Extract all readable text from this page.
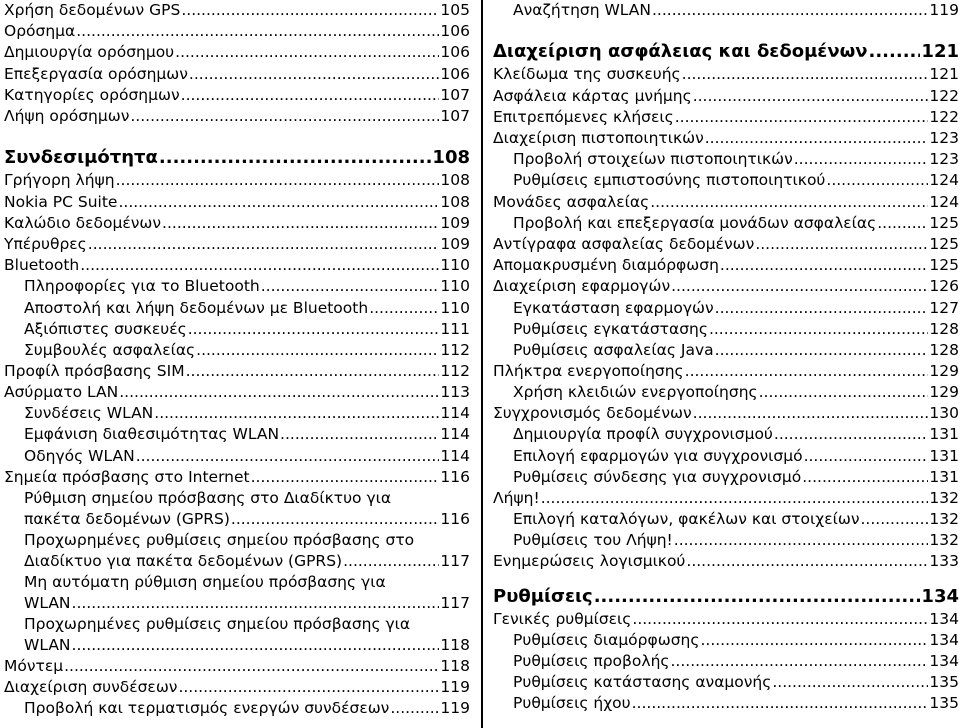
Χρήση δεδομένων GPS .....	105
Ορόσημα .....	106
Δημιουργία ορόσημου .....	106
Επεξεργασία ορόσημων .....	106
Κατηγορίες ορόσημων .....	107
Λήψη ορόσημων .....	107
Συνδεσιμότητα .....	108
Γρήγορη λήψη .....	108
Nokia PC Suite .....	108
Καλώδιο δεδομένων .....	109
Υπέρυθρες .....	109
Bluetooth .....	110
Πληροφορίες για το Bluetooth .....	110
Αποστολή και λήψη δεδομένων με Bluetooth .....	110
Αξιόπιστες συσκευές .....	111
Συμβουλές ασφαλείας .....	112
Προφίλ πρόσβασης SIM .....	112
Ασύρματο LAN .....	113
Συνδέσεις WLAN .....	114
Εμφάνιση διαθεσιμότητας WLAN .....	114
Οδηγός WLAN .....	114
Σημεία πρόσβασης στο Internet .....	116
Ρύθμιση σημείου πρόσβασης στο Διαδίκτυο για
πακέτα δεδομένων (GPRS) .....	116
Προχωρημένες ρυθμίσεις σημείου πρόσβασης στο
Διαδίκτυο για πακέτα δεδομένων (GPRS) .....	117
Μη αυτόματη ρύθμιση σημείου πρόσβασης για
WLAN .....	117
Προχωρημένες ρυθμίσεις σημείου πρόσβασης για
WLAN .....	118
Μόντεμ .....	118
Διαχείριση συνδέσεων .....	119
Προβολή και τερματισμός ενεργών συνδέσεων .....	119
Αναζήτηση WLAN .....	119
Διαχείριση ασφάλειας και δεδομένων .....	121
Κλείδωμα της συσκευής .....	121
Ασφάλεια κάρτας μνήμης .....	122
Επιτρεπόμενες κλήσεις .....	122
Διαχείριση πιστοποιητικών .....	123
Προβολή στοιχείων πιστοποιητικών .....	123
Ρυθμίσεις εμπιστοσύνης πιστοποιητικού .....	124
Μονάδες ασφαλείας .....	124
Προβολή και επεξεργασία μονάδων ασφαλείας .....	125
Αντίγραφα ασφαλείας δεδομένων .....	125
Απομακρυσμένη διαμόρφωση .....	125
Διαχείριση εφαρμογών .....	126
Εγκατάσταση εφαρμογών .....	127
Ρυθμίσεις εγκατάστασης .....	128
Ρυθμίσεις ασφαλείας Java .....	128
Πλήκτρα ενεργοποίησης .....	129
Χρήση κλειδιών ενεργοποίησης .....	129
Συγχρονισμός δεδομένων .....	130
Δημιουργία προφίλ συγχρονισμού .....	131
Επιλογή εφαρμογών για συγχρονισμό .....	131
Ρυθμίσεις σύνδεσης για συγχρονισμό .....	131
Λήψη! .....	132
Επιλογή καταλόγων, φακέλων και στοιχείων .....	132
Ρυθμίσεις του Λήψη! .....	132
Ενημερώσεις λογισμικού .....	133
Ρυθμίσεις .....	134
Γενικές ρυθμίσεις .....	134
Ρυθμίσεις διαμόρφωσης .....	134
Ρυθμίσεις προβολής .....	134
Ρυθμίσεις κατάστασης αναμονής .....	135
Ρυθμίσεις ήχου .....	135
